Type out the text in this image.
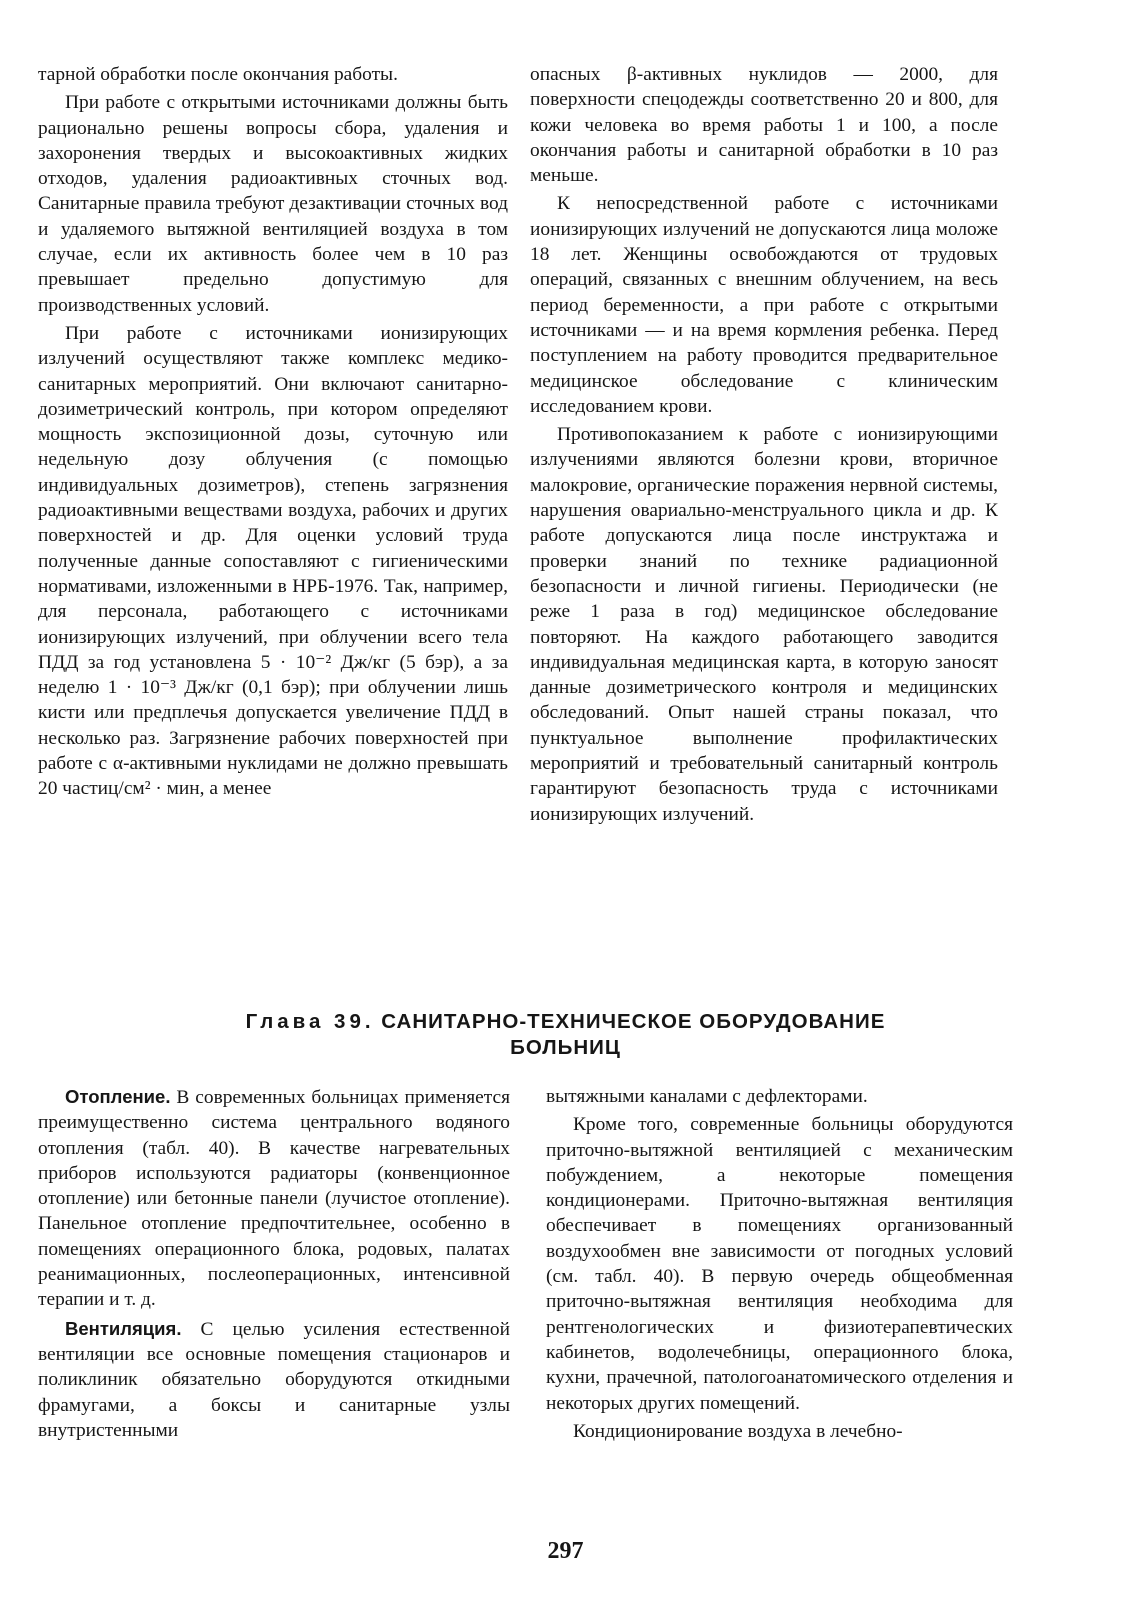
тарной обработки после окончания работы.

При работе с открытыми источниками должны быть рационально решены вопросы сбора, удаления и захоронения твердых и высокоактивных жидких отходов, удаления радиоактивных сточных вод. Санитарные правила требуют дезактивации сточных вод и удаляемого вытяжной вентиляцией воздуха в том случае, если их активность более чем в 10 раз превышает предельно допустимую для производственных условий.

При работе с источниками ионизирующих излучений осуществляют также комплекс медико-санитарных мероприятий. Они включают санитарно-дозиметрический контроль, при котором определяют мощность экспозиционной дозы, суточную или недельную дозу облучения (с помощью индивидуальных дозиметров), степень загрязнения радиоактивными веществами воздуха, рабочих и других поверхностей и др. Для оценки условий труда полученные данные сопоставляют с гигиеническими нормативами, изложенными в НРБ-1976. Так, например, для персонала, работающего с источниками ионизирующих излучений, при облучении всего тела ПДД за год установлена 5 · 10⁻² Дж/кг (5 бэр), а за неделю 1 · 10⁻³ Дж/кг (0,1 бэр); при облучении лишь кисти или предплечья допускается увеличение ПДД в несколько раз. Загрязнение рабочих поверхностей при работе с α-активными нуклидами не должно превышать 20 частиц/см² · мин, а менее

опасных β-активных нуклидов — 2000, для поверхности спецодежды соответственно 20 и 800, для кожи человека во время работы 1 и 100, а после окончания работы и санитарной обработки в 10 раз меньше.

К непосредственной работе с источниками ионизирующих излучений не допускаются лица моложе 18 лет. Женщины освобождаются от трудовых операций, связанных с внешним облучением, на весь период беременности, а при работе с открытыми источниками — и на время кормления ребенка. Перед поступлением на работу проводится предварительное медицинское обследование с клиническим исследованием крови.

Противопоказанием к работе с ионизирующими излучениями являются болезни крови, вторичное малокровие, органические поражения нервной системы, нарушения овариально-менструального цикла и др. К работе допускаются лица после инструктажа и проверки знаний по технике радиационной безопасности и личной гигиены. Периодически (не реже 1 раза в год) медицинское обследование повторяют. На каждого работающего заводится индивидуальная медицинская карта, в которую заносят данные дозиметрического контроля и медицинских обследований. Опыт нашей страны показал, что пунктуальное выполнение профилактических мероприятий и требовательный санитарный контроль гарантируют безопасность труда с источниками ионизирующих излучений.

Глава 39. САНИТАРНО-ТЕХНИЧЕСКОЕ ОБОРУДОВАНИЕ
БОЛЬНИЦ

Отопление. В современных больницах применяется преимущественно система центрального водяного отопления (табл. 40). В качестве нагревательных приборов используются радиаторы (конвенционное отопление) или бетонные панели (лучистое отопление). Панельное отопление предпочтительнее, особенно в помещениях операционного блока, родовых, палатах реанимационных, послеоперационных, интенсивной терапии и т. д.

Вентиляция. С целью усиления естественной вентиляции все основные помещения стационаров и поликлиник обязательно оборудуются откидными фрамугами, а боксы и санитарные узлы внутристенными

вытяжными каналами с дефлекторами.

Кроме того, современные больницы оборудуются приточно-вытяжной вентиляцией с механическим побуждением, а некоторые помещения кондиционерами. Приточно-вытяжная вентиляция обеспечивает в помещениях организованный воздухообмен вне зависимости от погодных условий (см. табл. 40). В первую очередь общеобменная приточно-вытяжная вентиляция необходима для рентгенологических и физиотерапевтических кабинетов, водолечебницы, операционного блока, кухни, прачечной, патологоанатомического отделения и некоторых других помещений.

Кондиционирование воздуха в лечебно-

297
